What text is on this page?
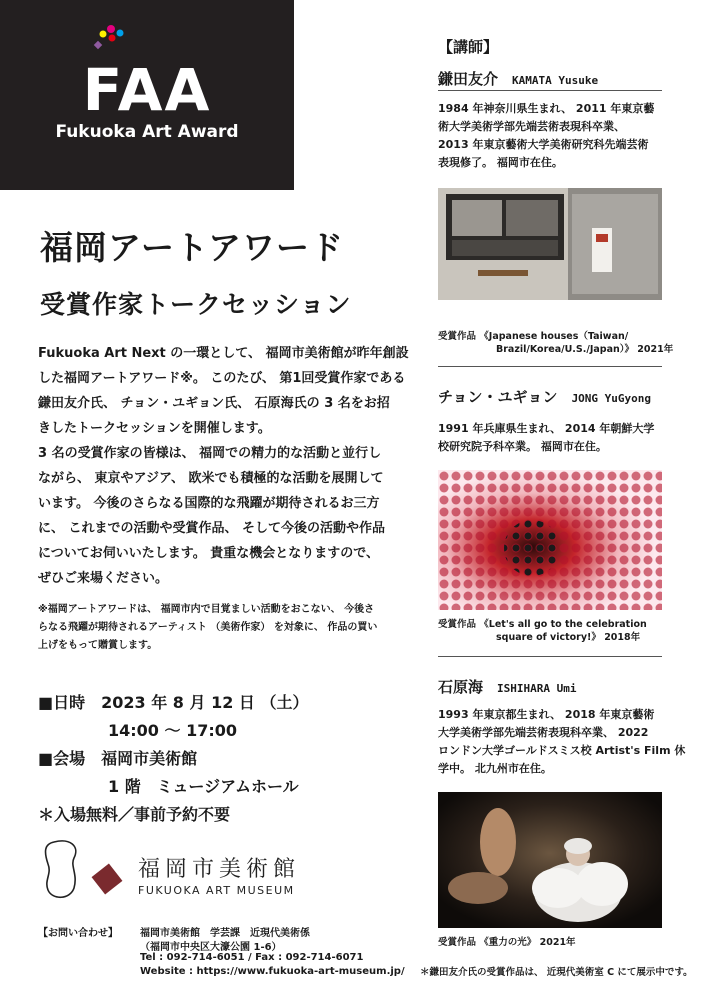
FAA
Fukuoka Art Award
福岡アートアワード
受賞作家トークセッション
Fukuoka Art Next の一環として、 福岡市美術館が昨年創設
した福岡アートアワード※。 このたび、 第1回受賞作家である
鎌田友介氏、 チョン・ユギョン氏、 石原海氏の 3 名をお招
きしたトークセッションを開催します。
3 名の受賞作家の皆様は、 福岡での精力的な活動と並行し
ながら、 東京やアジア、 欧米でも積極的な活動を展開して
います。 今後のさらなる国際的な飛躍が期待されるお三方
に、 これまでの活動や受賞作品、 そして今後の活動や作品
についてお伺いいたします。 貴重な機会となりますので、
ぜひご来場ください。
※福岡アートアワードは、 福岡市内で目覚ましい活動をおこない、 今後さ
らなる飛躍が期待されるアーティスト （美術作家） を対象に、 作品の買い
上げをもって贈賞します。
■日時　2023 年 8 月 12 日 （土）
14:00 ～ 17:00
■会場　福岡市美術館
1 階　ミュージアムホール
＊入場無料／事前予約不要
福岡市美術館
FUKUOKA ART MUSEUM
【お問い合わせ】 福岡市美術館　学芸課　近現代美術係
（福岡市中央区大濠公園 1-6）
Tel : 092-714-6051 / Fax : 092-714-6071
Website : https://www.fukuoka-art-museum.jp/
【講師】
鎌田友介 KAMATA Yusuke
1984 年神奈川県生まれ、 2011 年東京藝
術大学美術学部先端芸術表現科卒業、
2013 年東京藝術大学美術研究科先端芸術
表現修了。 福岡市在住。
受賞作品 《Japanese houses（Taiwan/
Brazil/Korea/U.S./Japan）》 2021年
チョン・ユギョン JONG YuGyong
1991 年兵庫県生まれ、 2014 年朝鮮大学
校研究院予科卒業。 福岡市在住。
受賞作品 《Let's all go to the celebration
square of victory!》 2018年
石原海 ISHIHARA Umi
1993 年東京都生まれ、 2018 年東京藝術
大学美術学部先端芸術表現科卒業、 2022
ロンドン大学ゴールドスミス校 Artist's Film 休
学中。 北九州市在住。
受賞作品 《重力の光》 2021年
＊鎌田友介氏の受賞作品は、 近現代美術室 C にて展示中です。
